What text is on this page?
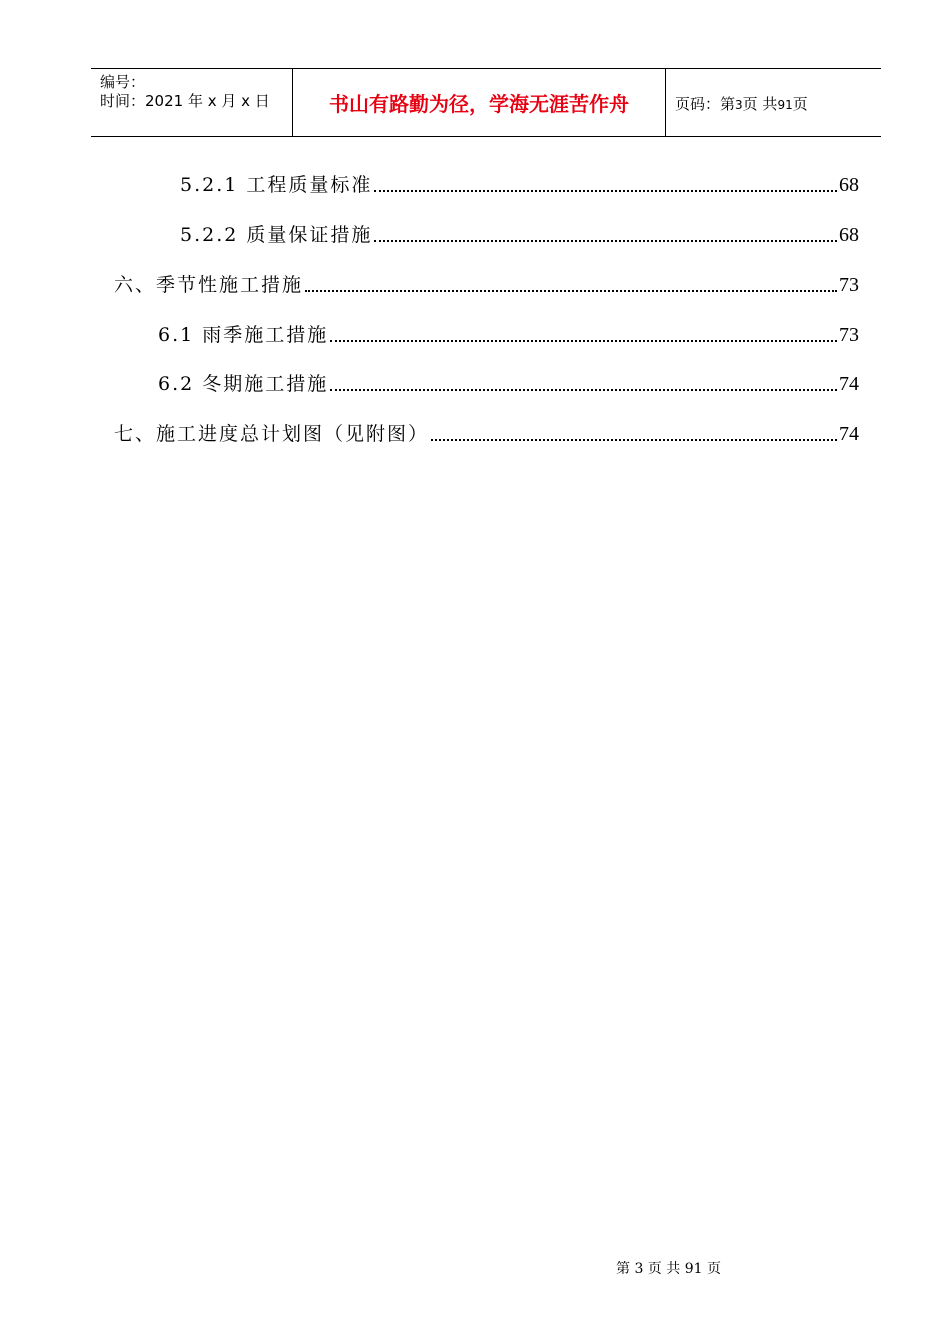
编号：
时间：2021 年 x 月 x 日	书山有路勤为径，学海无涯苦作舟	页码：第3页 共91页
5.2.1 工程质量标准	68
5.2.2 质量保证措施	68
六、季节性施工措施	73
6.1 雨季施工措施	73
6.2 冬期施工措施	74
七、施工进度总计划图（见附图）	74
第 3 页 共 91 页
